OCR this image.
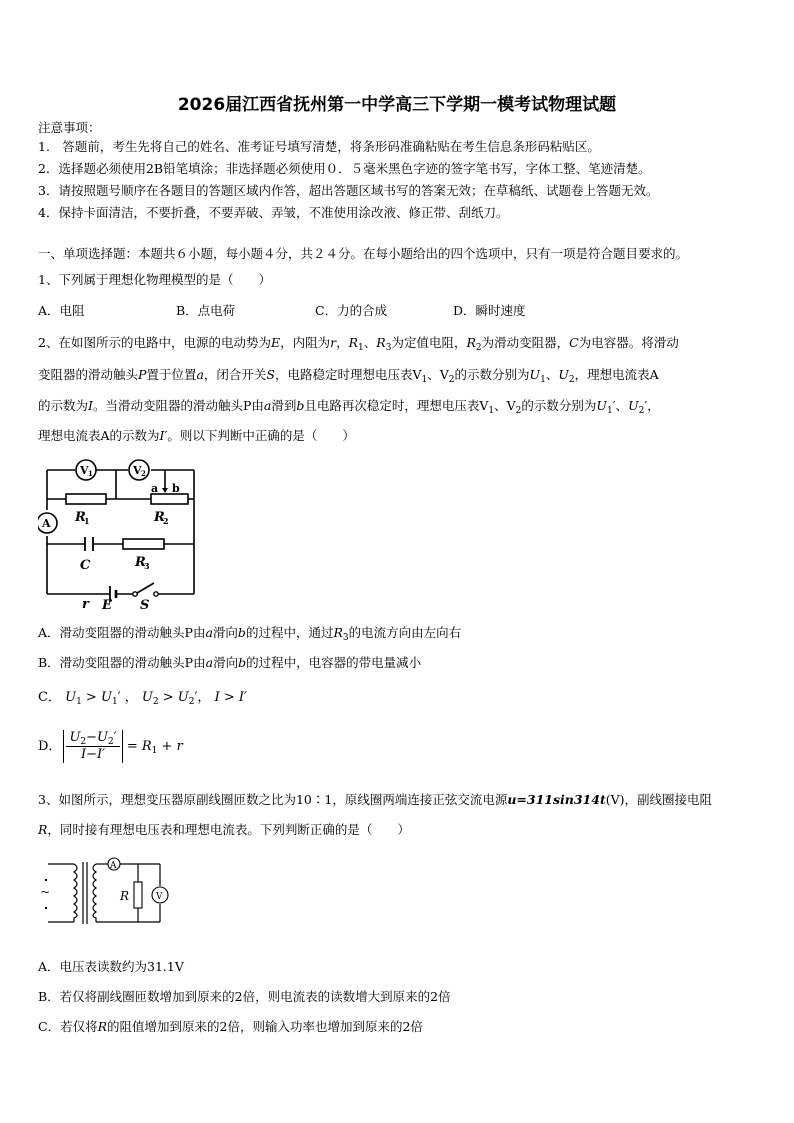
2026届江西省抚州第一中学高三下学期一模考试物理试题
注意事项：
1.　答题前，考生先将自己的姓名、准考证号填写清楚，将条形码准确粘贴在考生信息条形码粘贴区。
2．选择题必须使用2B铅笔填涂；非选择题必须使用０．５毫米黑色字迹的签字笔书写，字体工整、笔迹清楚。
3．请按照题号顺序在各题目的答题区域内作答，超出答题区域书写的答案无效；在草稿纸、试题卷上答题无效。
4．保持卡面清洁，不要折叠，不要弄破、弄皱，不准使用涂改液、修正带、刮纸刀。
一、单项选择题：本题共６小题，每小题４分，共２４分。在每小题给出的四个选项中，只有一项是符合题目要求的。
1、下列属于理想化物理模型的是（　　）
A．电阻	B．点电荷	C．力的合成	D．瞬时速度
2、在如图所示的电路中，电源的电动势为E，内阻为r，$R_1$、$R_3$为定值电阻，$R_2$为滑动变阻器，C为电容器。将滑动
变阻器的滑动触头P置于位置a，闭合开关S，电路稳定时理想电压表$V_1$、$V_2$的示数分别为$U_1$、$U_2$，理想电流表A
的示数为I。当滑动变阻器的滑动触头P由a滑到b且电路再次稳定时，理想电压表$V_1$、$V_2$的示数分别为$U_1'$、$U_2'$，
理想电流表A的示数为I′。则以下判断中正确的是（　　）
V 1	V 2
R
1
a b
R
2
A
C	R
3
r E S
A．滑动变阻器的滑动触头P由a滑向b的过程中，通过$R_3$的电流方向由左向右
B．滑动变阻器的滑动触头P由a滑向b的过程中，电容器的带电量减小
C． $U_1 > U_1'$ ， $U_2 > U_2'$， I > I′
D． $\frac{U_2-U_2'}{I-I'} = R_1 + r$
3、如图所示，理想变压器原副线圈匝数之比为10∶1，原线圈两端连接正弦交流电源u=311sin314t(V)，副线圈接电阻
R，同时接有理想电压表和理想电流表。下列判断正确的是（　　）
~
A
R	V
A．电压表读数约为31.1V
B．若仅将副线圈匝数增加到原来的2倍，则电流表的读数增大到原来的2倍
C．若仅将R的阻值增加到原来的2倍，则输入功率也增加到原来的2倍
